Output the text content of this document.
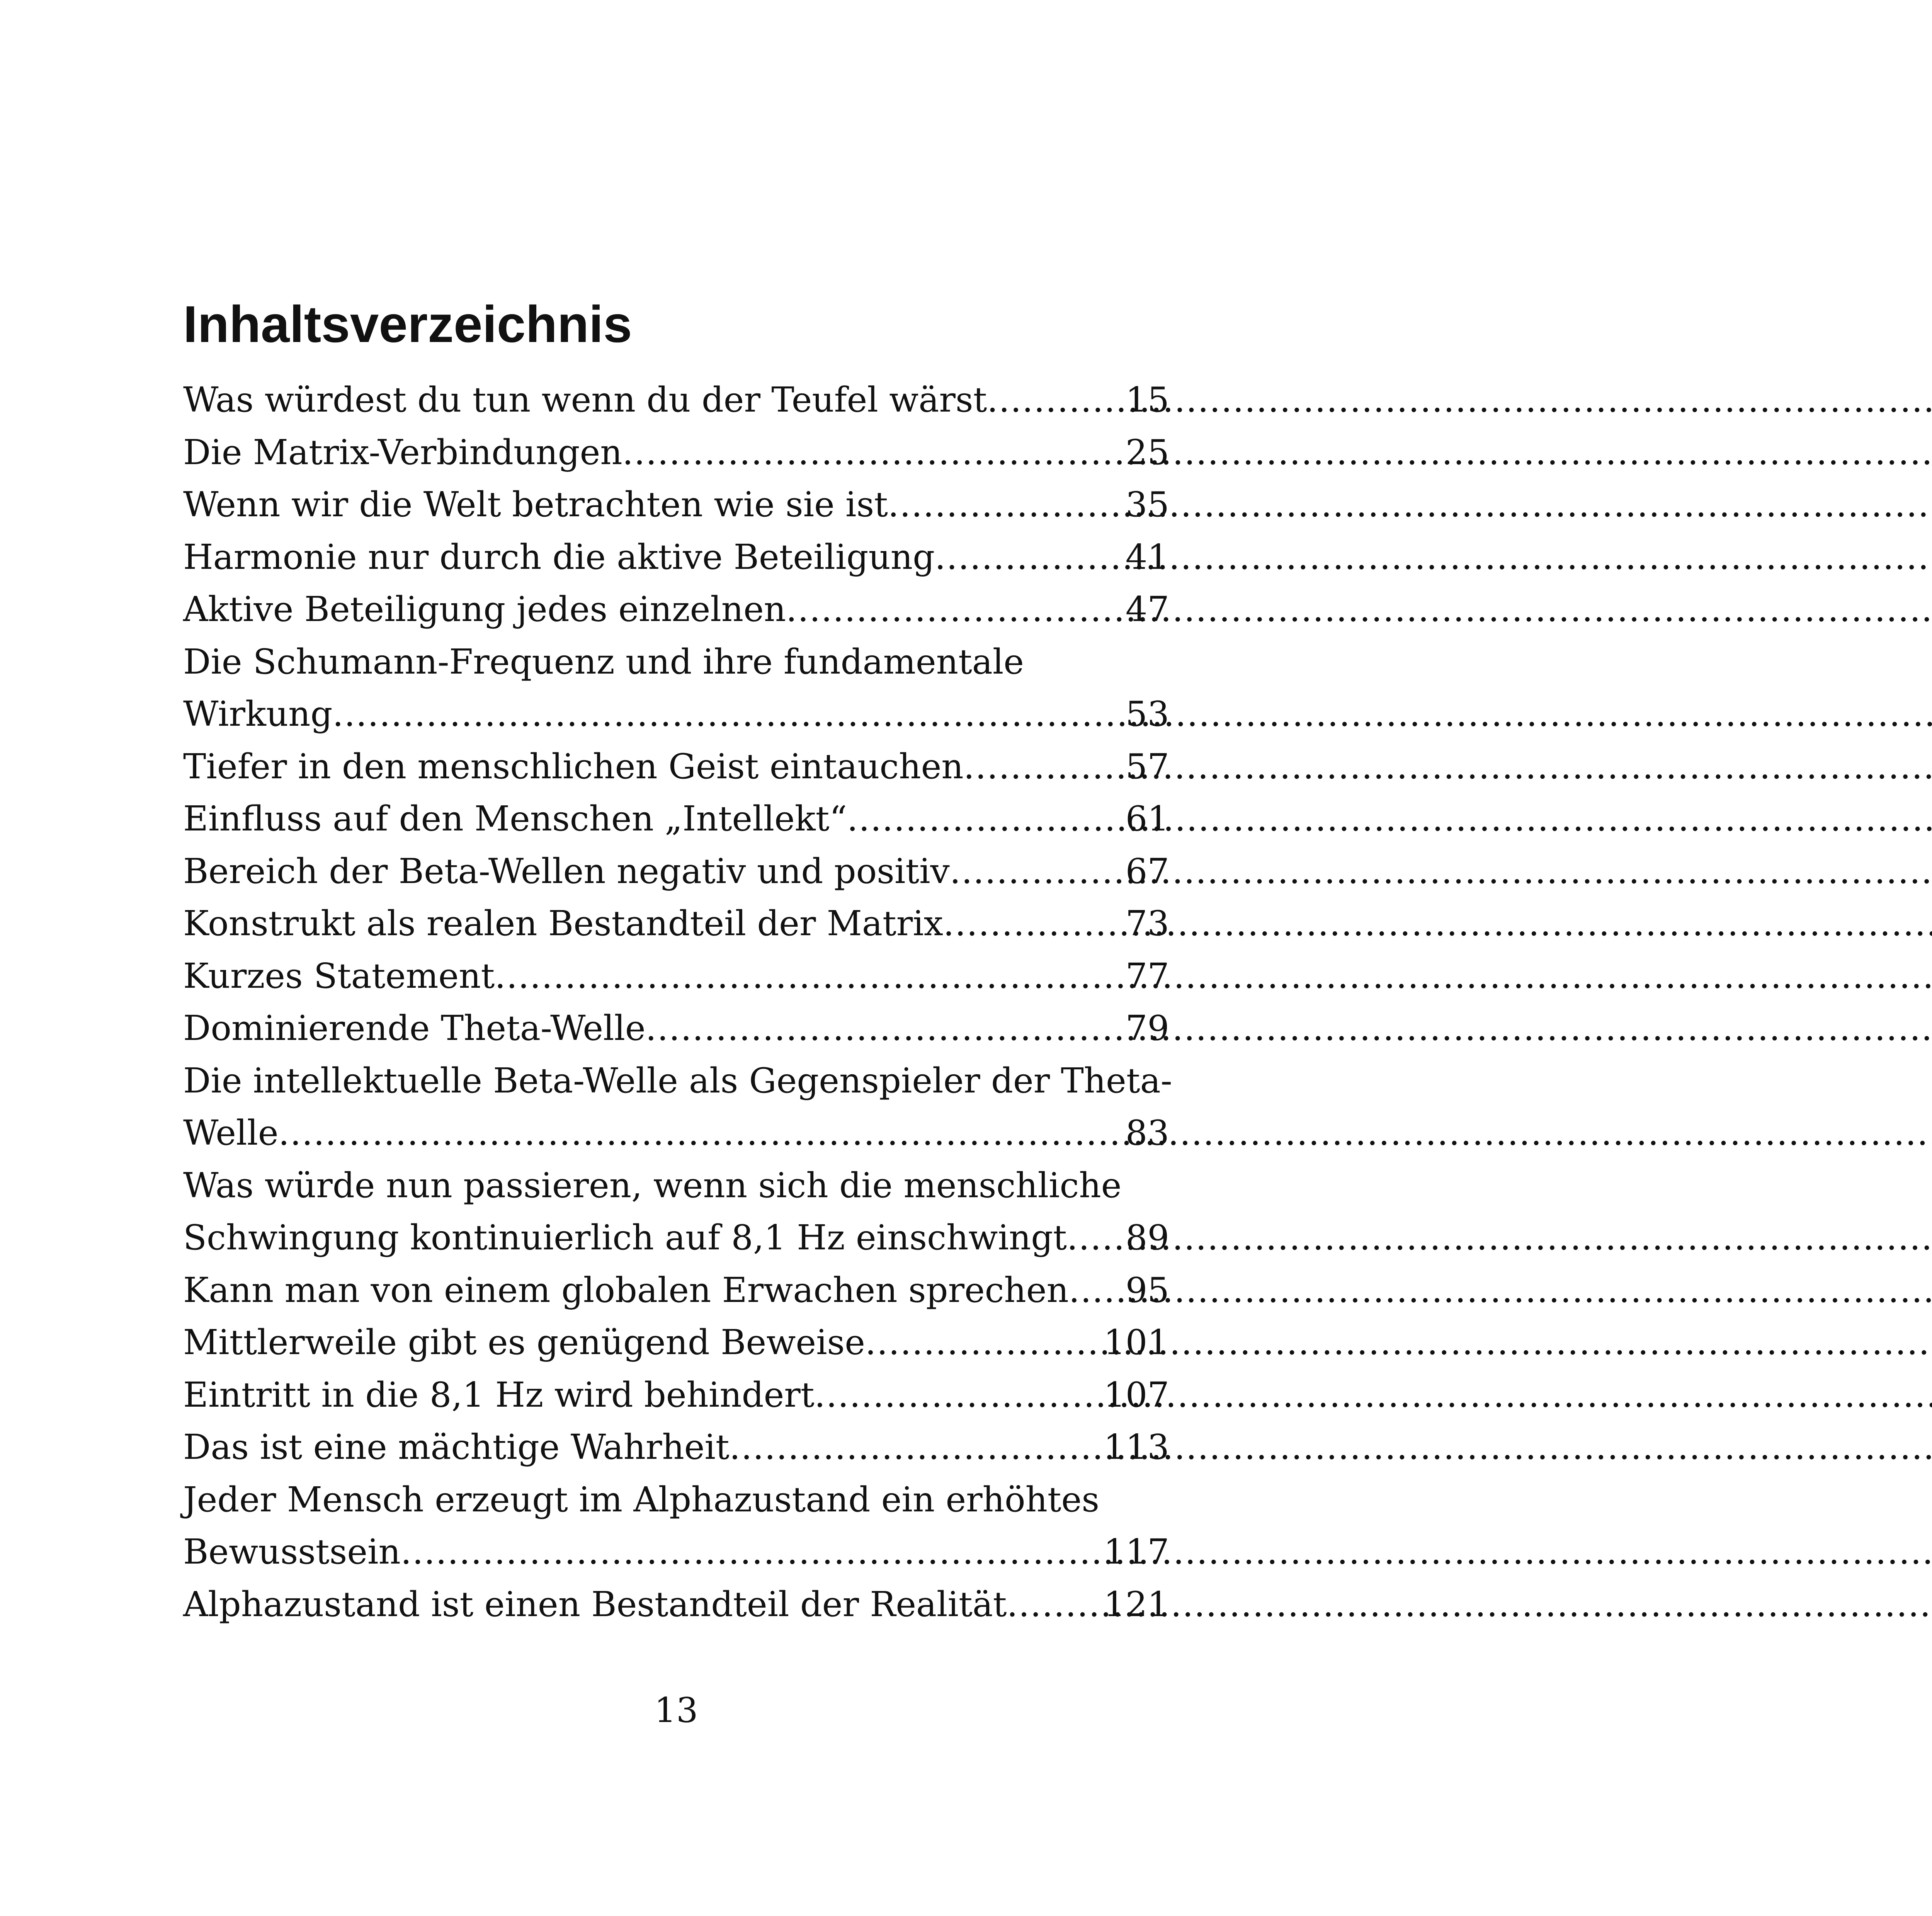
Inhaltsverzeichnis
Was würdest du tun wenn du der Teufel wärst .....	15
Die Matrix-Verbindungen .....	25
Wenn wir die Welt betrachten wie sie ist .....	35
Harmonie nur durch die aktive Beteiligung .....	41
Aktive Beteiligung jedes einzelnen .....	47
Die Schumann-Frequenz und ihre fundamentale
Wirkung .....	53
Tiefer in den menschlichen Geist eintauchen .....	57
Einfluss auf den Menschen „Intellekt“ .....	61
Bereich der Beta-Wellen negativ und positiv .....	67
Konstrukt als realen Bestandteil der Matrix .....	73
Kurzes Statement .....	77
Dominierende Theta-Welle .....	79
Die intellektuelle Beta-Welle als Gegenspieler der Theta-
Welle .....	83
Was würde nun passieren, wenn sich die menschliche
Schwingung kontinuierlich auf 8,1 Hz einschwingt ..... 89
Kann man von einem globalen Erwachen sprechen ..... 95
Mittlerweile gibt es genügend Beweise .....	101
Eintritt in die 8,1 Hz wird behindert .....	107
Das ist eine mächtige Wahrheit .....	113
Jeder Mensch erzeugt im Alphazustand ein erhöhtes
Bewusstsein .....	117
Alphazustand ist einen Bestandteil der Realität .....	121
13
